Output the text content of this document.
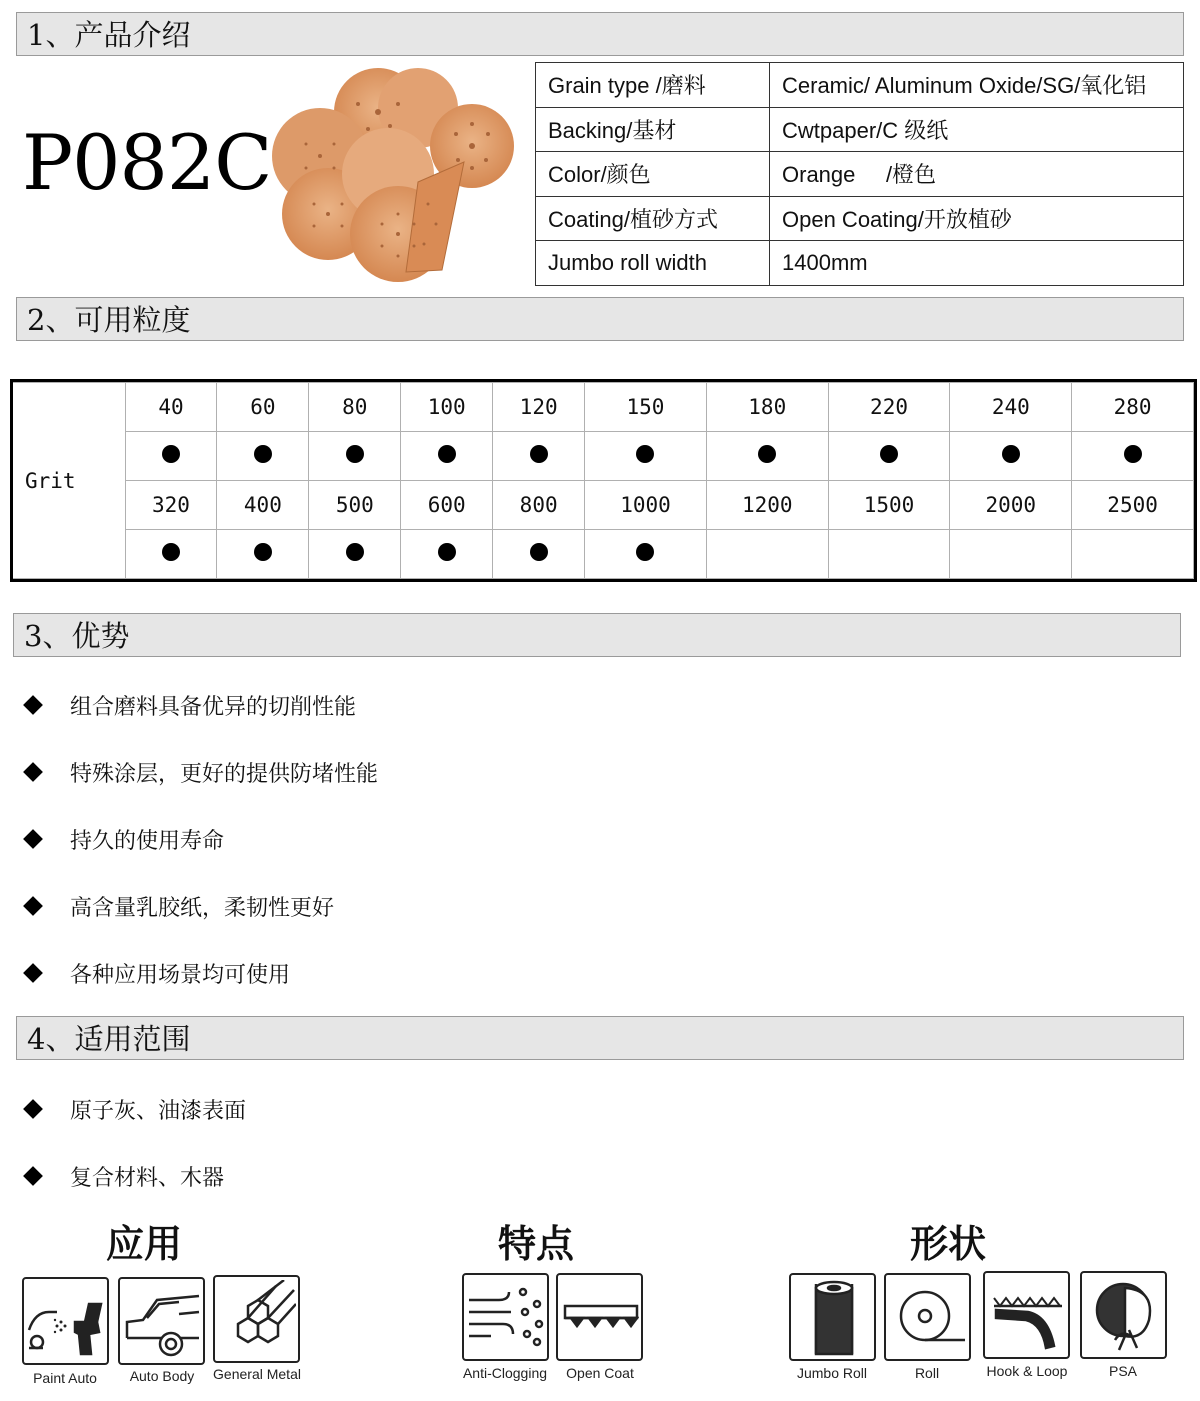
1、产品介绍
P082C
Grain type /磨料	Ceramic/ Aluminum Oxide/SG/氧化铝
Backing/基材	Cwtpaper/C 级纸
Color/颜色	Orange     /橙色
Coating/植砂方式	Open Coating/开放植砂
Jumbo roll width	1400mm
2、可用粒度
Grit	40	60	80	100	120	150	180	220	240	280

	320	400	500	600	800	1000	1200	1500	2000	2500

3、优势
组合磨料具备优异的切削性能
特殊涂层，更好的提供防堵性能
持久的使用寿命
高含量乳胶纸，柔韧性更好
各种应用场景均可使用
4、适用范围
原子灰、油漆表面
复合材料、木器
应用	特点	形状
Paint Auto	Auto Body	General Metal	Anti-Clogging	Open Coat	Jumbo Roll	Roll	Hook & Loop	PSA
